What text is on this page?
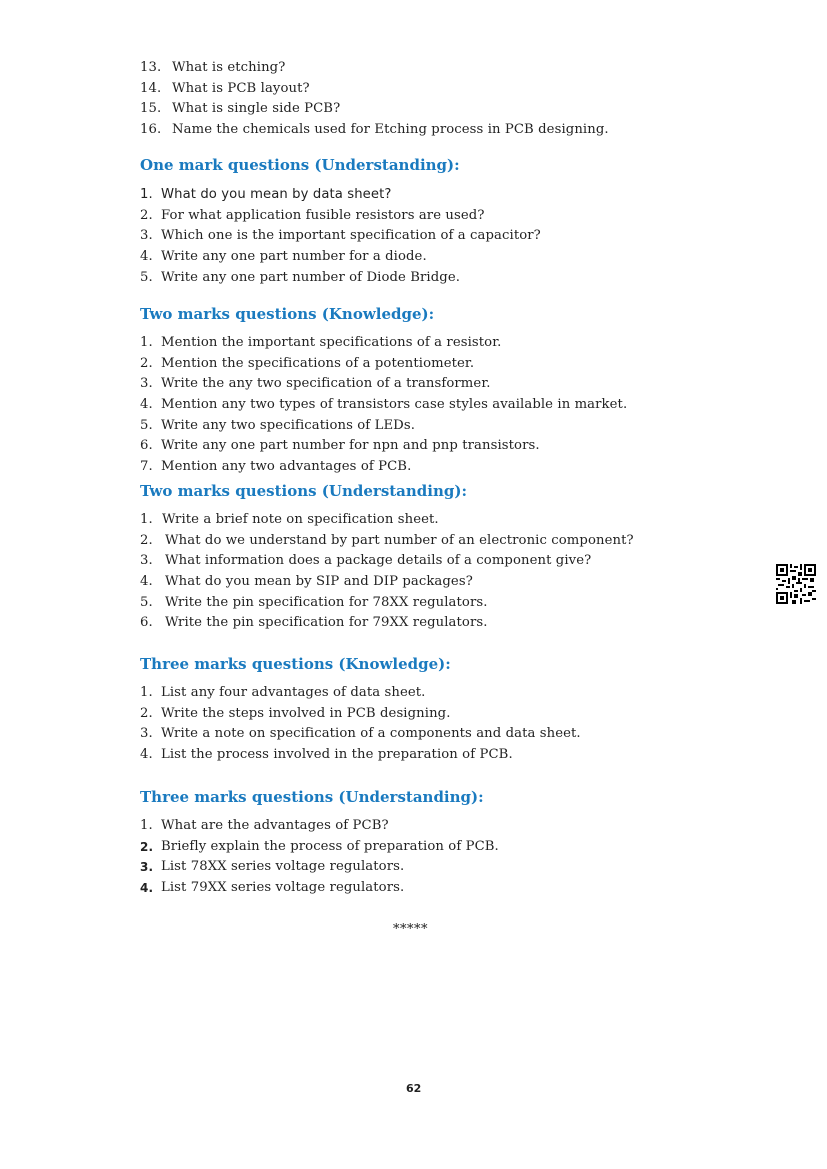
13. What is etching?
14. What is PCB layout?
15. What is single side PCB?
16. Name the chemicals used for Etching process in PCB designing.
One mark questions (Understanding):
1. What do you mean by data sheet?
2. For what application fusible resistors are used?
3. Which one is the important specification of a capacitor?
4. Write any one part number for a diode.
5. Write any one part number of Diode Bridge.
Two marks questions (Knowledge):
1. Mention the important specifications of a resistor.
2. Mention the specifications of a potentiometer.
3. Write the any two specification of a transformer.
4. Mention any two types of transistors case styles available in market.
5. Write any two specifications of LEDs.
6. Write any one part number for npn and pnp transistors.
7. Mention any two advantages of PCB.
Two marks questions (Understanding):
1. Write a brief note on specification sheet.
2. What do we understand by part number of an electronic component?
3. What information does a package details of a component give?
4. What do you mean by SIP and DIP packages?
5. Write the pin specification for 78XX regulators.
6. Write the pin specification for 79XX regulators.
Three marks questions (Knowledge):
1. List any four advantages of data sheet.
2. Write the steps involved in PCB designing.
3. Write a note on specification of a components and data sheet.
4. List the process involved in the preparation of PCB.
Three marks questions (Understanding):
1. What are the advantages of PCB?
2. Briefly explain the process of preparation of PCB.
3. List 78XX series voltage regulators.
4. List 79XX series voltage regulators.
*****
62
